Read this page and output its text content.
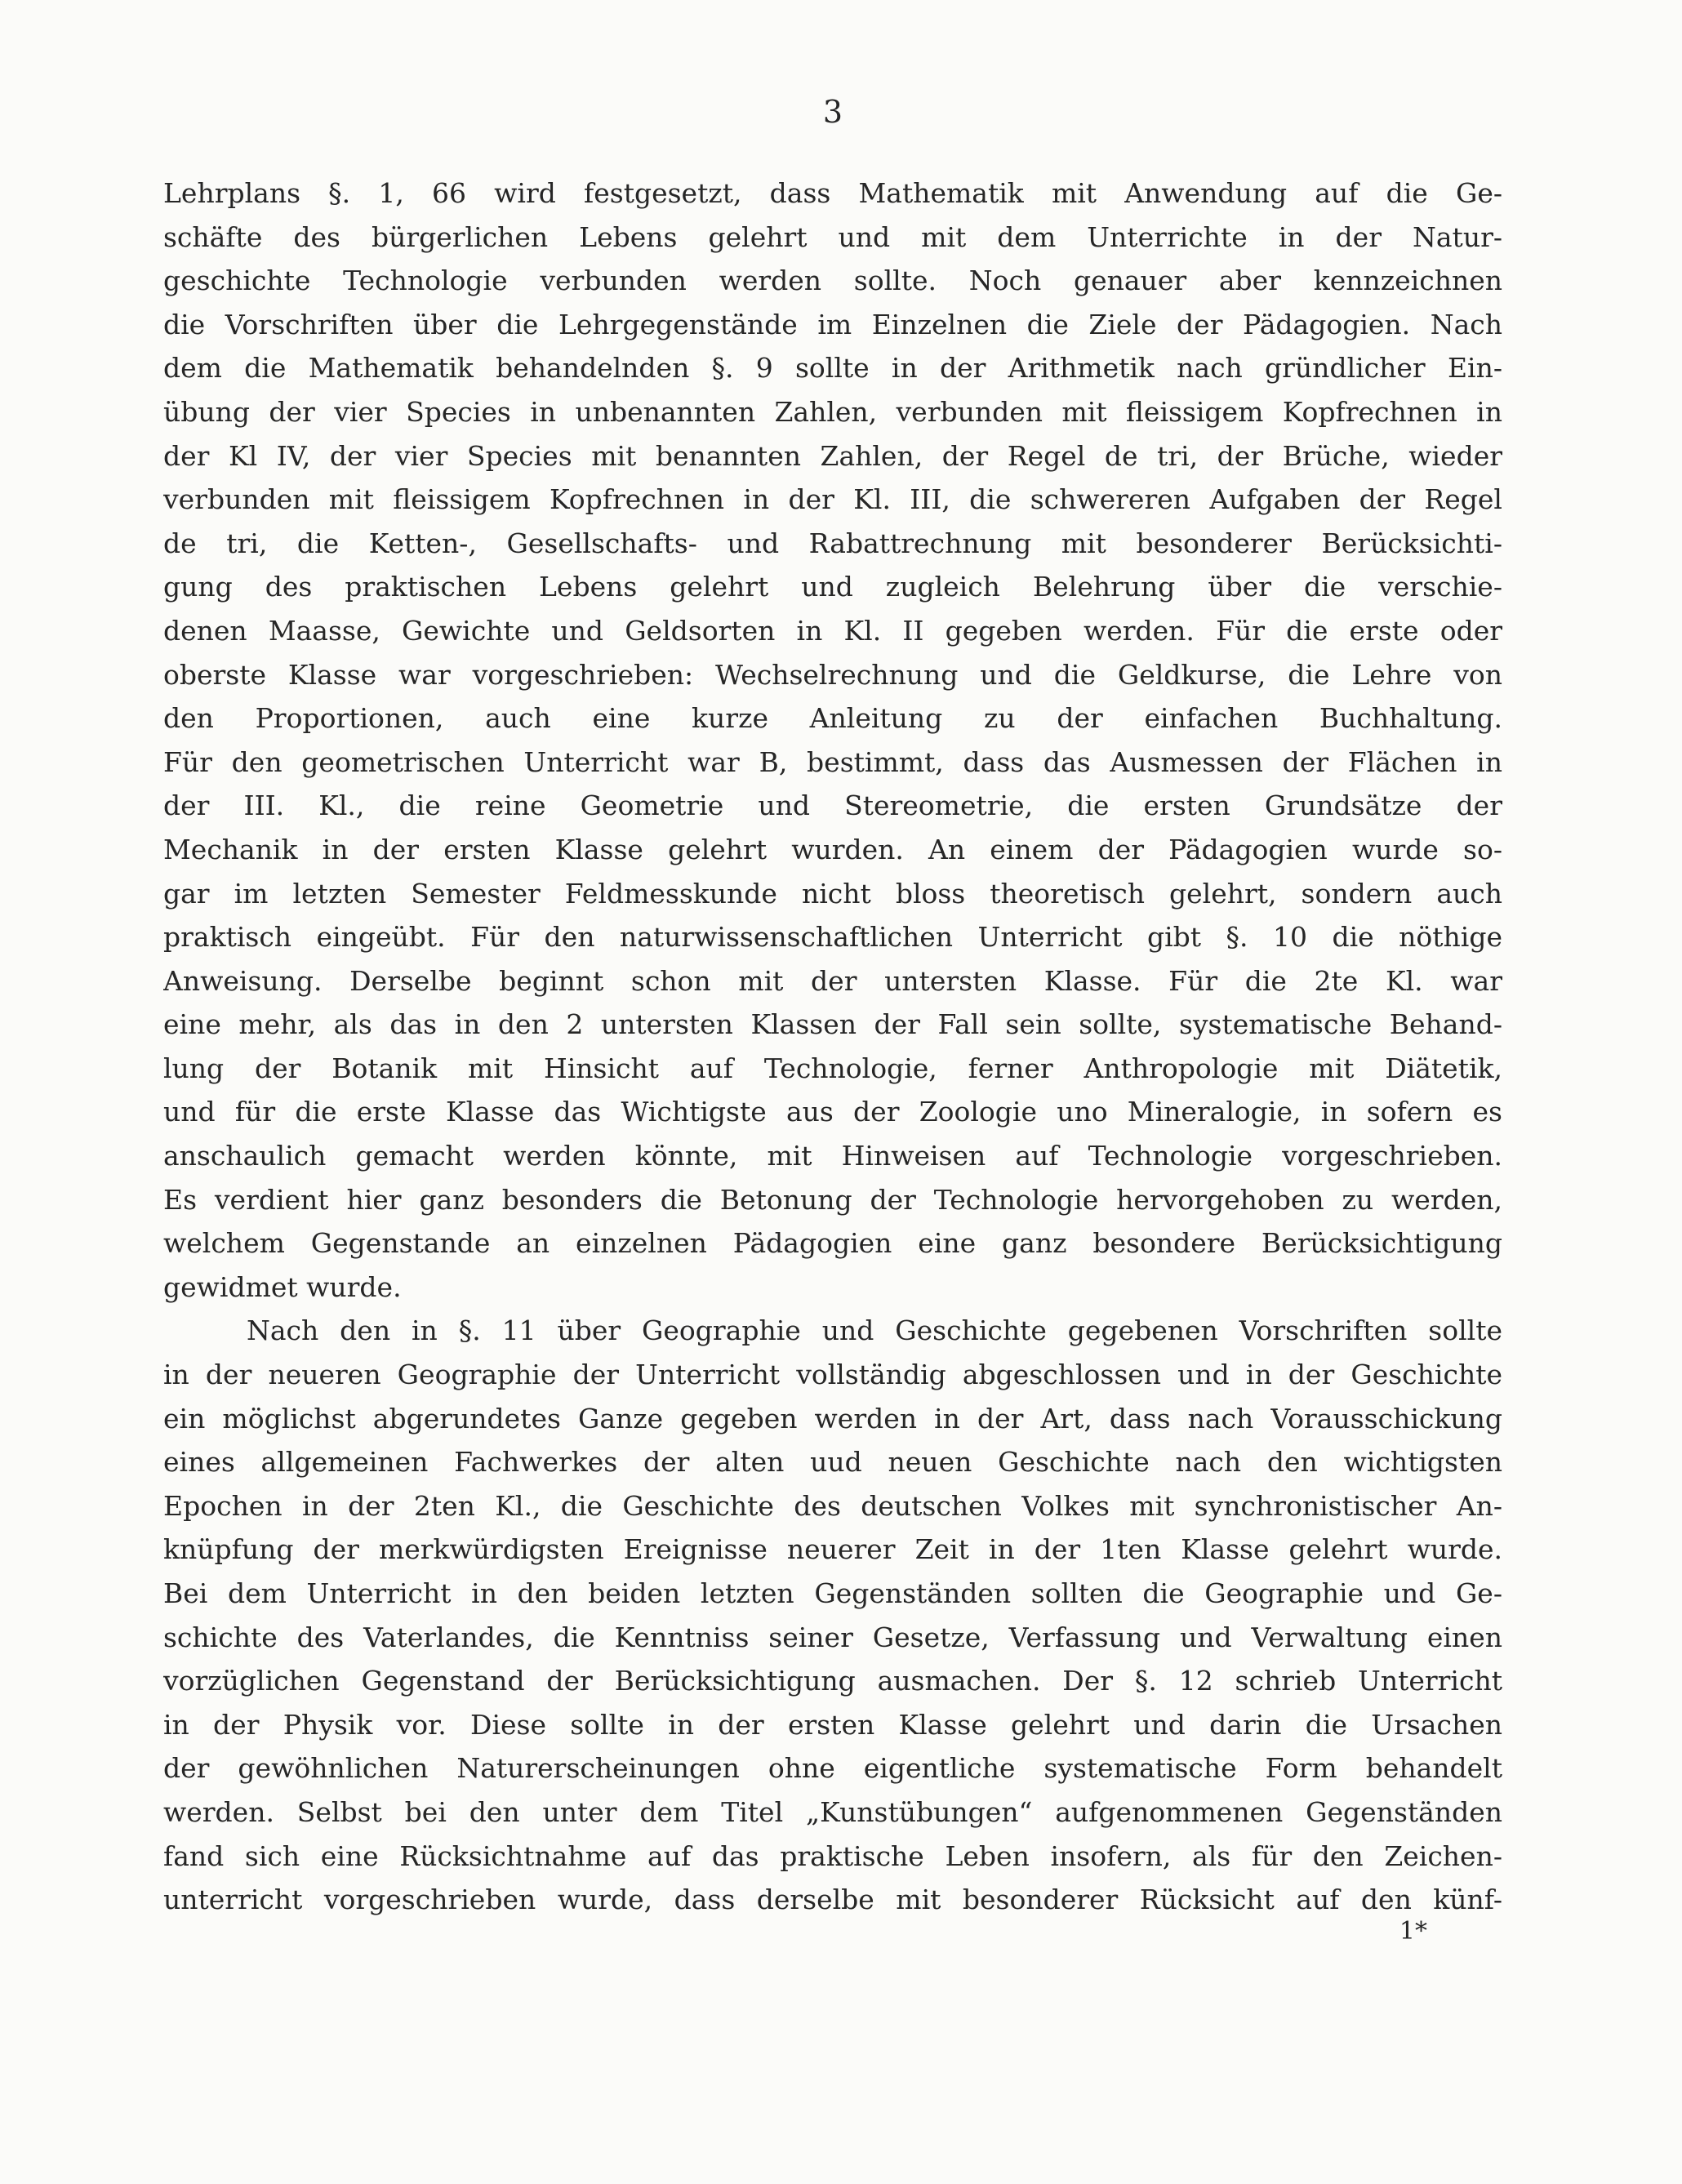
3
Lehrplans §. 1, 66 wird festgesetzt, dass Mathematik mit Anwendung auf die Ge-
schäfte des bürgerlichen Lebens gelehrt und mit dem Unterrichte in der Natur-
geschichte Technologie verbunden werden sollte. Noch genauer aber kennzeichnen
die Vorschriften über die Lehrgegenstände im Einzelnen die Ziele der Pädagogien. Nach
dem die Mathematik behandelnden §. 9 sollte in der Arithmetik nach gründlicher Ein-
übung der vier Species in unbenannten Zahlen, verbunden mit fleissigem Kopfrechnen in
der Kl IV, der vier Species mit benannten Zahlen, der Regel de tri, der Brüche, wieder
verbunden mit fleissigem Kopfrechnen in der Kl. III, die schwereren Aufgaben der Regel
de tri, die Ketten-, Gesellschafts- und Rabattrechnung mit besonderer Berücksichti-
gung des praktischen Lebens gelehrt und zugleich Belehrung über die verschie-
denen Maasse, Gewichte und Geldsorten in Kl. II gegeben werden. Für die erste oder
oberste Klasse war vorgeschrieben: Wechselrechnung und die Geldkurse, die Lehre von
den Proportionen, auch eine kurze Anleitung zu der einfachen Buchhaltung.
Für den geometrischen Unterricht war B, bestimmt, dass das Ausmessen der Flächen in
der III. Kl., die reine Geometrie und Stereometrie, die ersten Grundsätze der
Mechanik in der ersten Klasse gelehrt wurden. An einem der Pädagogien wurde so-
gar im letzten Semester Feldmesskunde nicht bloss theoretisch gelehrt, sondern auch
praktisch eingeübt. Für den naturwissenschaftlichen Unterricht gibt §. 10 die nöthige
Anweisung. Derselbe beginnt schon mit der untersten Klasse. Für die 2te Kl. war
eine mehr, als das in den 2 untersten Klassen der Fall sein sollte, systematische Behand-
lung der Botanik mit Hinsicht auf Technologie, ferner Anthropologie mit Diätetik,
und für die erste Klasse das Wichtigste aus der Zoologie uno Mineralogie, in sofern es
anschaulich gemacht werden könnte, mit Hinweisen auf Technologie vorgeschrieben.
Es verdient hier ganz besonders die Betonung der Technologie hervorgehoben zu werden,
welchem Gegenstande an einzelnen Pädagogien eine ganz besondere Berücksichtigung
gewidmet wurde.
Nach den in §. 11 über Geographie und Geschichte gegebenen Vorschriften sollte
in der neueren Geographie der Unterricht vollständig abgeschlossen und in der Geschichte
ein möglichst abgerundetes Ganze gegeben werden in der Art, dass nach Vorausschickung
eines allgemeinen Fachwerkes der alten uud neuen Geschichte nach den wichtigsten
Epochen in der 2ten Kl., die Geschichte des deutschen Volkes mit synchronistischer An-
knüpfung der merkwürdigsten Ereignisse neuerer Zeit in der 1ten Klasse gelehrt wurde.
Bei dem Unterricht in den beiden letzten Gegenständen sollten die Geographie und Ge-
schichte des Vaterlandes, die Kenntniss seiner Gesetze, Verfassung und Verwaltung einen
vorzüglichen Gegenstand der Berücksichtigung ausmachen. Der §. 12 schrieb Unterricht
in der Physik vor. Diese sollte in der ersten Klasse gelehrt und darin die Ursachen
der gewöhnlichen Naturerscheinungen ohne eigentliche systematische Form behandelt
werden. Selbst bei den unter dem Titel „Kunstübungen“ aufgenommenen Gegenständen
fand sich eine Rücksichtnahme auf das praktische Leben insofern, als für den Zeichen-
unterricht vorgeschrieben wurde, dass derselbe mit besonderer Rücksicht auf den künf-
1*
